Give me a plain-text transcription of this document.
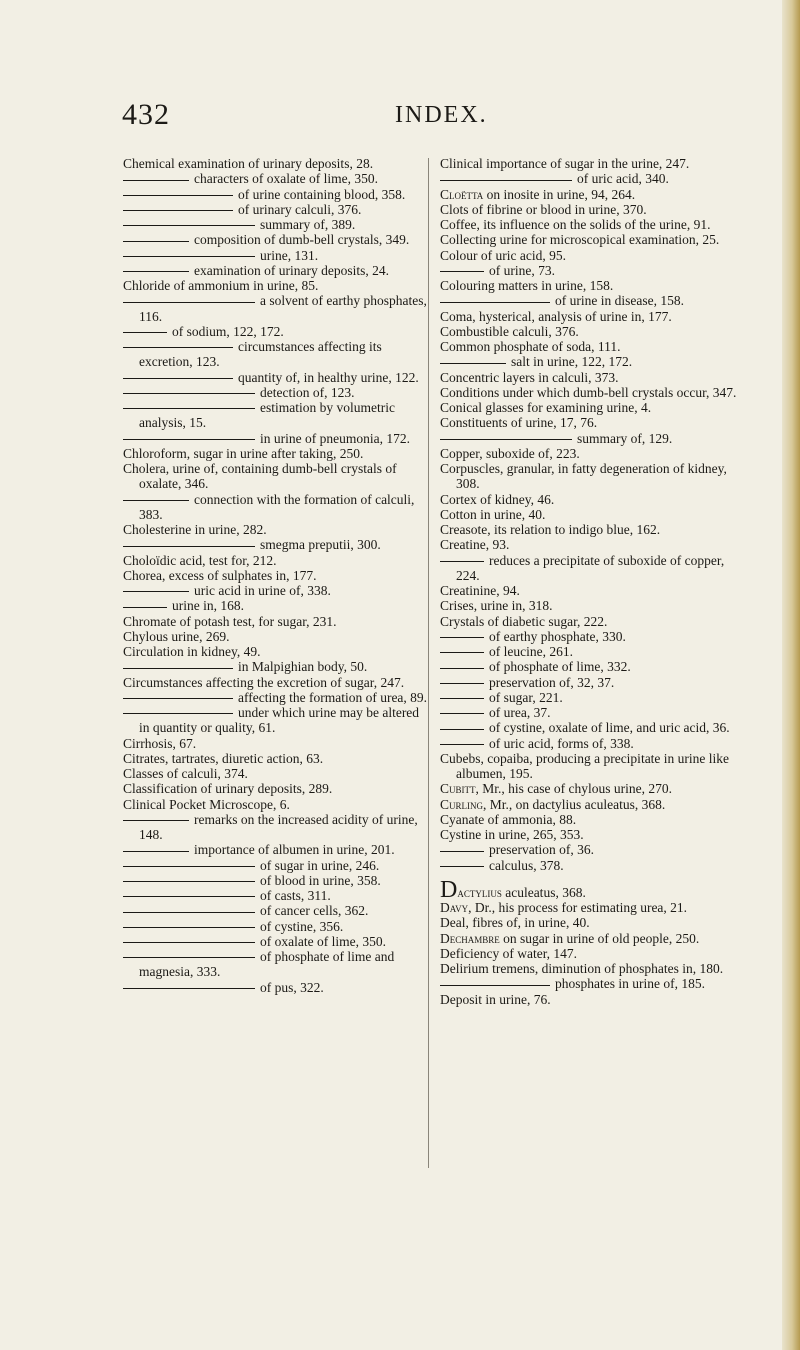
432	INDEX.

Chemical examination of urinary deposits, 28.

characters of oxalate of lime, 350.

of urine containing blood, 358.

of urinary calculi, 376.

summary of, 389.

composition of dumb-bell crystals, 349.

urine, 131.

examination of urinary deposits, 24.

Chloride of ammonium in urine, 85.

a solvent of earthy phosphates, 116.

of sodium, 122, 172.

circumstances affecting its excretion, 123.

quantity of, in healthy urine, 122.

detection of, 123.

estimation by volumetric analysis, 15.

in urine of pneumonia, 172.

Chloroform, sugar in urine after taking, 250.

Cholera, urine of, containing dumb-bell crystals of oxalate, 346.

connection with the formation of calculi, 383.

Cholesterine in urine, 282.

smegma preputii, 300.

Choloïdic acid, test for, 212.

Chorea, excess of sulphates in, 177.

uric acid in urine of, 338.

urine in, 168.

Chromate of potash test, for sugar, 231.

Chylous urine, 269.

Circulation in kidney, 49.

in Malpighian body, 50.

Circumstances affecting the excretion of sugar, 247.

affecting the formation of urea, 89.

under which urine may be altered in quantity or quality, 61.

Cirrhosis, 67.

Citrates, tartrates, diuretic action, 63.

Classes of calculi, 374.

Classification of urinary deposits, 289.

Clinical Pocket Microscope, 6.

remarks on the increased acidity of urine, 148.

importance of albumen in urine, 201.

of sugar in urine, 246.

of blood in urine, 358.

of casts, 311.

of cancer cells, 362.

of cystine, 356.

of oxalate of lime, 350.

of phosphate of lime and magnesia, 333.

of pus, 322.

Clinical importance of sugar in the urine, 247.

of uric acid, 340.

Cloëtta on inosite in urine, 94, 264.

Clots of fibrine or blood in urine, 370.

Coffee, its influence on the solids of the urine, 91.

Collecting urine for microscopical examination, 25.

Colour of uric acid, 95.

of urine, 73.

Colouring matters in urine, 158.

of urine in disease, 158.

Coma, hysterical, analysis of urine in, 177.

Combustible calculi, 376.

Common phosphate of soda, 111.

salt in urine, 122, 172.

Concentric layers in calculi, 373.

Conditions under which dumb-bell crystals occur, 347.

Conical glasses for examining urine, 4.

Constituents of urine, 17, 76.

summary of, 129.

Copper, suboxide of, 223.

Corpuscles, granular, in fatty degeneration of kidney, 308.

Cortex of kidney, 46.

Cotton in urine, 40.

Creasote, its relation to indigo blue, 162.

Creatine, 93.

reduces a precipitate of suboxide of copper, 224.

Creatinine, 94.

Crises, urine in, 318.

Crystals of diabetic sugar, 222.

of earthy phosphate, 330.

of leucine, 261.

of phosphate of lime, 332.

preservation of, 32, 37.

of sugar, 221.

of urea, 37.

of cystine, oxalate of lime, and uric acid, 36.

of uric acid, forms of, 338.

Cubebs, copaiba, producing a precipitate in urine like albumen, 195.

Cubitt, Mr., his case of chylous urine, 270.

Curling, Mr., on dactylius aculeatus, 368.

Cyanate of ammonia, 88.

Cystine in urine, 265, 353.

preservation of, 36.

calculus, 378.

Dactylius aculeatus, 368.

Davy, Dr., his process for estimating urea, 21.

Deal, fibres of, in urine, 40.

Dechambre on sugar in urine of old people, 250.

Deficiency of water, 147.

Delirium tremens, diminution of phosphates in, 180.

phosphates in urine of, 185.

Deposit in urine, 76.
